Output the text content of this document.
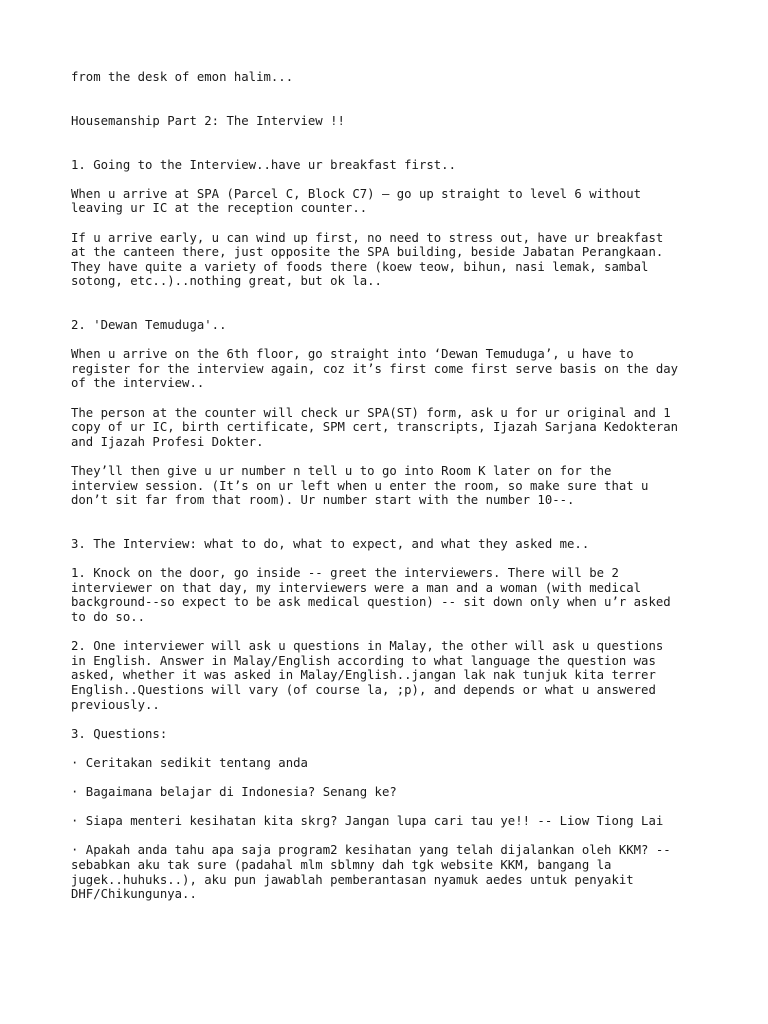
from the desk of emon halim...

Housemanship Part 2: The Interview !!

1. Going to the Interview..have ur breakfast first..

When u arrive at SPA (Parcel C, Block C7) – go up straight to level 6 without
leaving ur IC at the reception counter..

If u arrive early, u can wind up first, no need to stress out, have ur breakfast
at the canteen there, just opposite the SPA building, beside Jabatan Perangkaan.
They have quite a variety of foods there (koew teow, bihun, nasi lemak, sambal
sotong, etc..)..nothing great, but ok la..

2. 'Dewan Temuduga'..

When u arrive on the 6th floor, go straight into ‘Dewan Temuduga’, u have to
register for the interview again, coz it’s first come first serve basis on the day
of the interview..

The person at the counter will check ur SPA(ST) form, ask u for ur original and 1
copy of ur IC, birth certificate, SPM cert, transcripts, Ijazah Sarjana Kedokteran
and Ijazah Profesi Dokter.

They’ll then give u ur number n tell u to go into Room K later on for the
interview session. (It’s on ur left when u enter the room, so make sure that u
don’t sit far from that room). Ur number start with the number 10--.

3. The Interview: what to do, what to expect, and what they asked me..

1. Knock on the door, go inside -- greet the interviewers. There will be 2
interviewer on that day, my interviewers were a man and a woman (with medical
background--so expect to be ask medical question) -- sit down only when u’r asked
to do so..

2. One interviewer will ask u questions in Malay, the other will ask u questions
in English. Answer in Malay/English according to what language the question was
asked, whether it was asked in Malay/English..jangan lak nak tunjuk kita terrer
English..Questions will vary (of course la, ;p), and depends or what u answered
previously..

3. Questions:

· Ceritakan sedikit tentang anda

· Bagaimana belajar di Indonesia? Senang ke?

· Siapa menteri kesihatan kita skrg? Jangan lupa cari tau ye!! -- Liow Tiong Lai

· Apakah anda tahu apa saja program2 kesihatan yang telah dijalankan oleh KKM? --
sebabkan aku tak sure (padahal mlm sblmny dah tgk website KKM, bangang la
jugek..huhuks..), aku pun jawablah pemberantasan nyamuk aedes untuk penyakit
DHF/Chikungunya..
